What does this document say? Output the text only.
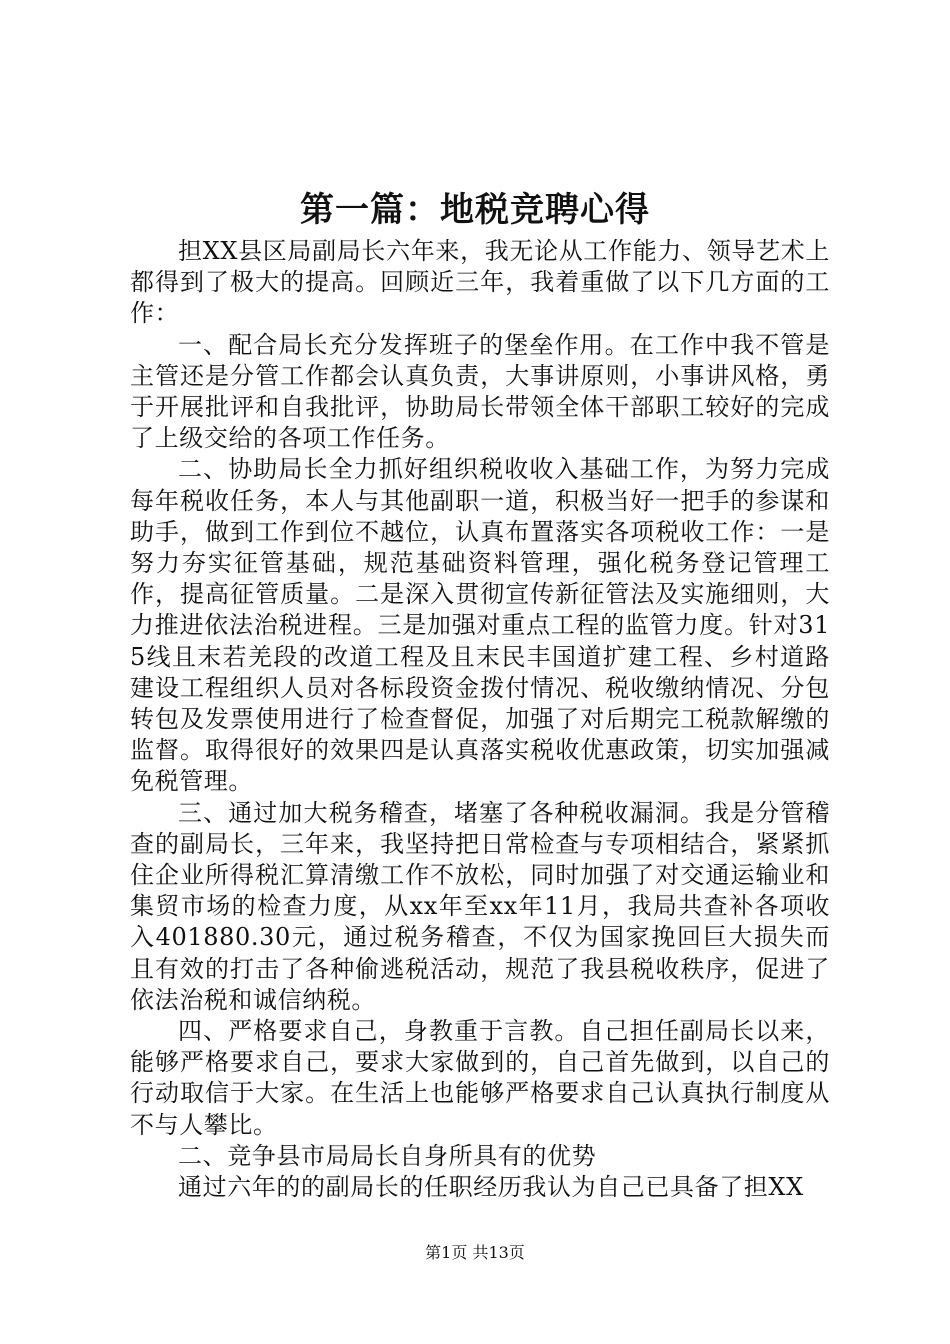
第一篇：地税竞聘心得

担XX县区局副局长六年来，我无论从工作能力、领导艺术上都得到了极大的提高。回顾近三年，我着重做了以下几方面的工作：

一、配合局长充分发挥班子的堡垒作用。在工作中我不管是主管还是分管工作都会认真负责，大事讲原则，小事讲风格，勇于开展批评和自我批评，协助局长带领全体干部职工较好的完成了上级交给的各项工作任务。

二、协助局长全力抓好组织税收收入基础工作，为努力完成每年税收任务，本人与其他副职一道，积极当好一把手的参谋和助手，做到工作到位不越位，认真布置落实各项税收工作：一是努力夯实征管基础，规范基础资料管理，强化税务登记管理工作，提高征管质量。二是深入贯彻宣传新征管法及实施细则，大力推进依法治税进程。三是加强对重点工程的监管力度。针对315线且末若羌段的改道工程及且末民丰国道扩建工程、乡村道路建设工程组织人员对各标段资金拨付情况、税收缴纳情况、分包转包及发票使用进行了检查督促，加强了对后期完工税款解缴的监督。取得很好的效果四是认真落实税收优惠政策，切实加强减免税管理。

三、通过加大税务稽查，堵塞了各种税收漏洞。我是分管稽查的副局长，三年来，我坚持把日常检查与专项相结合，紧紧抓住企业所得税汇算清缴工作不放松，同时加强了对交通运输业和集贸市场的检查力度，从xx年至xx年11月，我局共查补各项收入401880.30元，通过税务稽查，不仅为国家挽回巨大损失而且有效的打击了各种偷逃税活动，规范了我县税收秩序，促进了依法治税和诚信纳税。

四、严格要求自己，身教重于言教。自己担任副局长以来，能够严格要求自己，要求大家做到的，自己首先做到，以自己的行动取信于大家。在生活上也能够严格要求自己认真执行制度从不与人攀比。

二、竞争县市局局长自身所具有的优势

通过六年的的副局长的任职经历我认为自己已具备了担XX

第1页 共13页
